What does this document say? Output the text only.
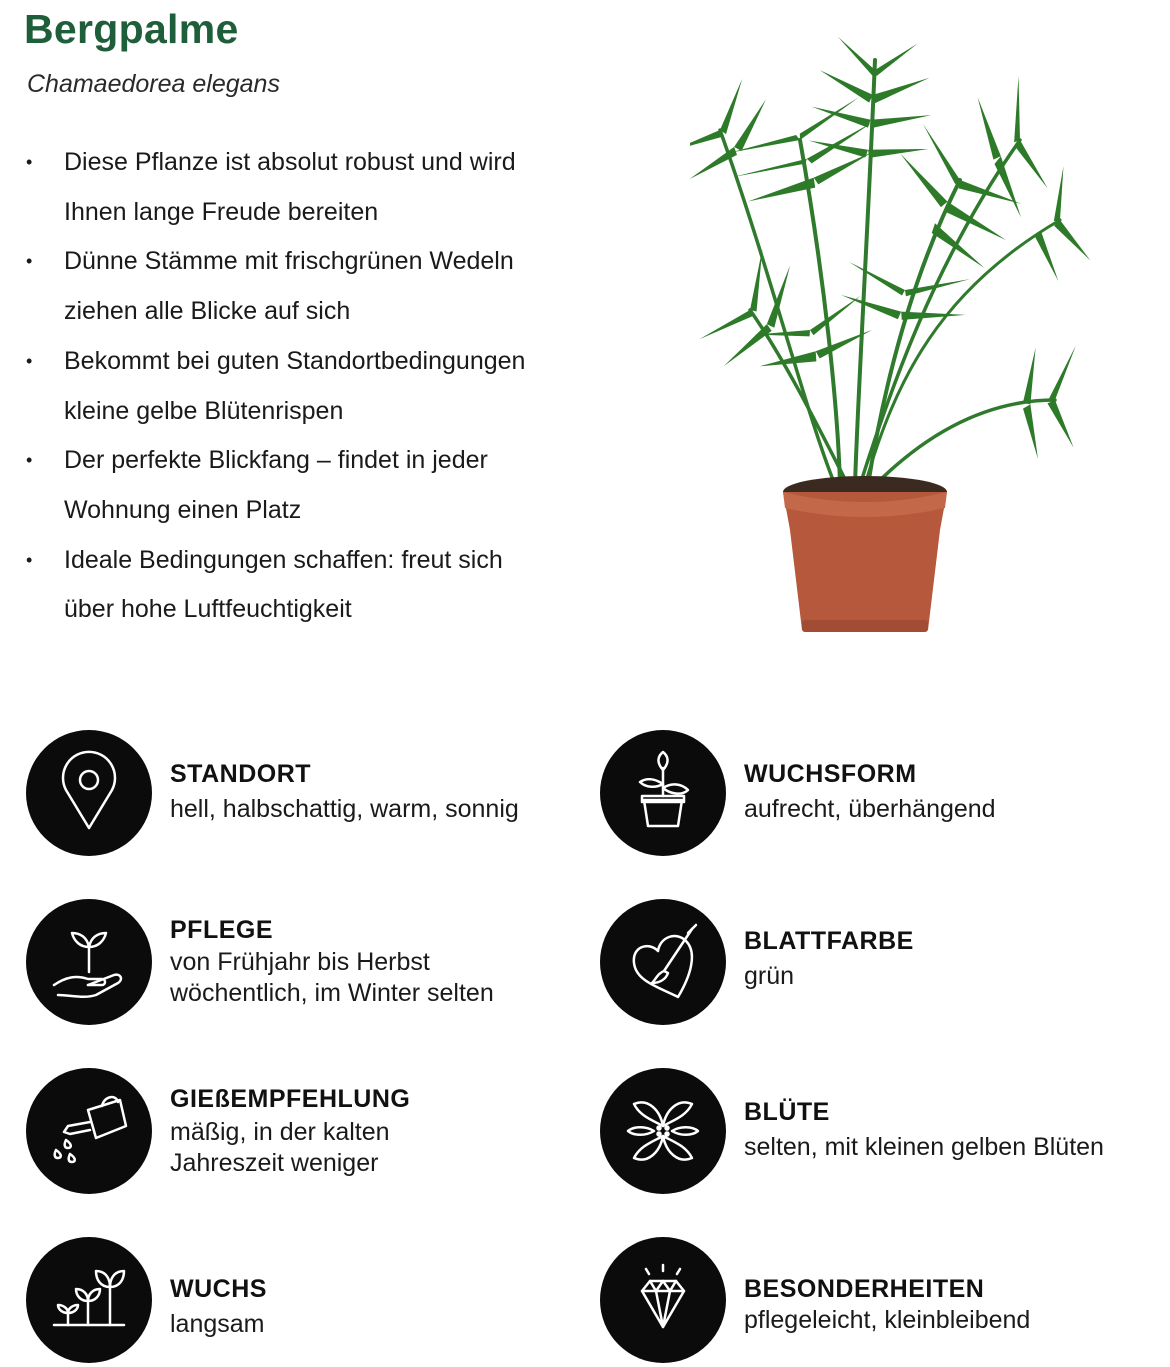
Bergpalme

Chamaedorea elegans

• Diese Pflanze ist absolut robust und wird
Ihnen lange Freude bereiten
• Dünne Stämme mit frischgrünen Wedeln
ziehen alle Blicke auf sich
• Bekommt bei guten Standortbedingungen
kleine gelbe Blütenrispen
• Der perfekte Blickfang – findet in jeder
Wohnung einen Platz
• Ideale Bedingungen schaffen: freut sich
über hohe Luftfeuchtigkeit
STANDORT
hell, halbschattig, warm, sonnig
WUCHSFORM
aufrecht, überhängend
PFLEGE
von Frühjahr bis Herbst
wöchentlich, im Winter selten
BLATTFARBE
grün
GIEßEMPFEHLUNG
mäßig, in der kalten
Jahreszeit weniger
BLÜTE
selten, mit kleinen gelben Blüten
WUCHS
langsam
BESONDERHEITEN
pflegeleicht, kleinbleibend
